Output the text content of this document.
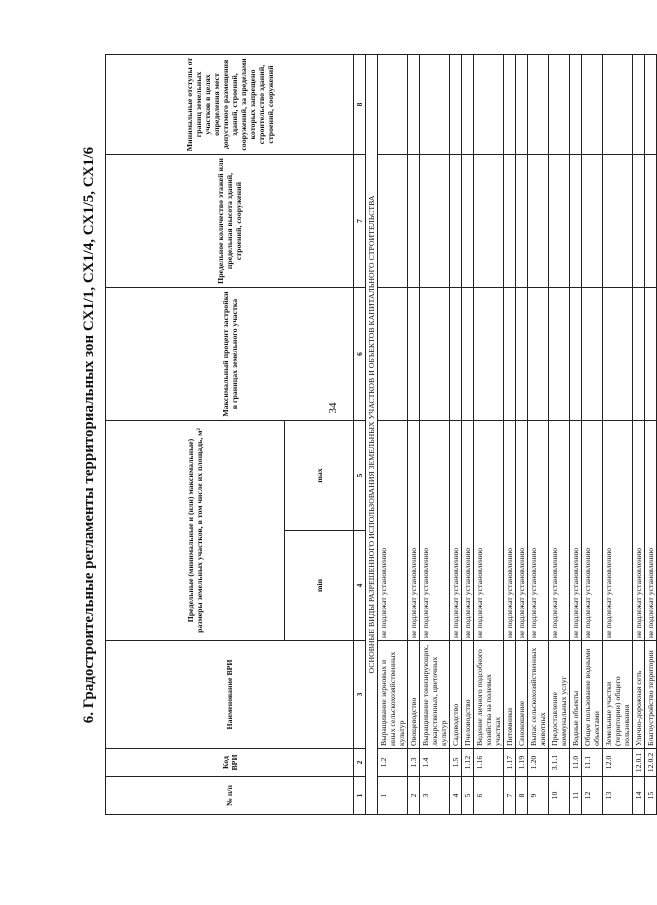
34
6. Градостроительные регламенты территориальных зон СХ1/1, СХ1/4, СХ1/5, СХ1/6
№ п/п	Код ВРИ	Наименование ВРИ	Предельные (минимальные и (или) максимальные) размеры земельных участков, в том числе их площадь, м²		Максимальный процент застройки в границах земельного участка	Предельное количество этажей или предельная высота зданий, строений, сооружений	Минимальные отступы от границ земельных участков в целях определения мест допустимого размещения зданий, строений, сооружений, за пределами которых запрещено строительство зданий, строений, сооружений
			min	max			
1	2	3	4	5	6	7	8
ОСНОВНЫЕ ВИДЫ РАЗРЕШЕННОГО ИСПОЛЬЗОВАНИЯ ЗЕМЕЛЬНЫХ УЧАСТКОВ И ОБЪЕКТОВ КАПИТАЛЬНОГО СТРОИТЕЛЬСТВА							
1	1.2	Выращивание зерновых и иных сельскохозяйственных культур	не подлежат установлению				
2	1.3	Овощеводство	не подлежат установлению				
3	1.4	Выращивание тонизирующих, лекарственных, цветочных культур	не подлежат установлению				
4	1.5	Садоводство	не подлежат установлению				
5	1.12	Пчеловодство	не подлежат установлению				
6	1.16	Ведение личного подсобного хозяйства на полевых участках	не подлежат установлению				
7	1.17	Питомники	не подлежат установлению				
8	1.19	Сенокошение	не подлежат установлению				
9	1.20	Выпас сельскохозяйственных животных	не подлежат установлению				
10	3.1.1	Предоставление коммунальных услуг	не подлежат установлению				
11	11.0	Водные объекты	не подлежат установлению				
12	11.1	Общее пользование водными объектами	не подлежат установлению				
13	12.0	Земельные участки (территории) общего пользования	не подлежат установлению				
14	12.0.1	Улично-дорожная сеть	не подлежат установлению				
15	12.0.2	Благоустройство территории	не подлежат установлению				
